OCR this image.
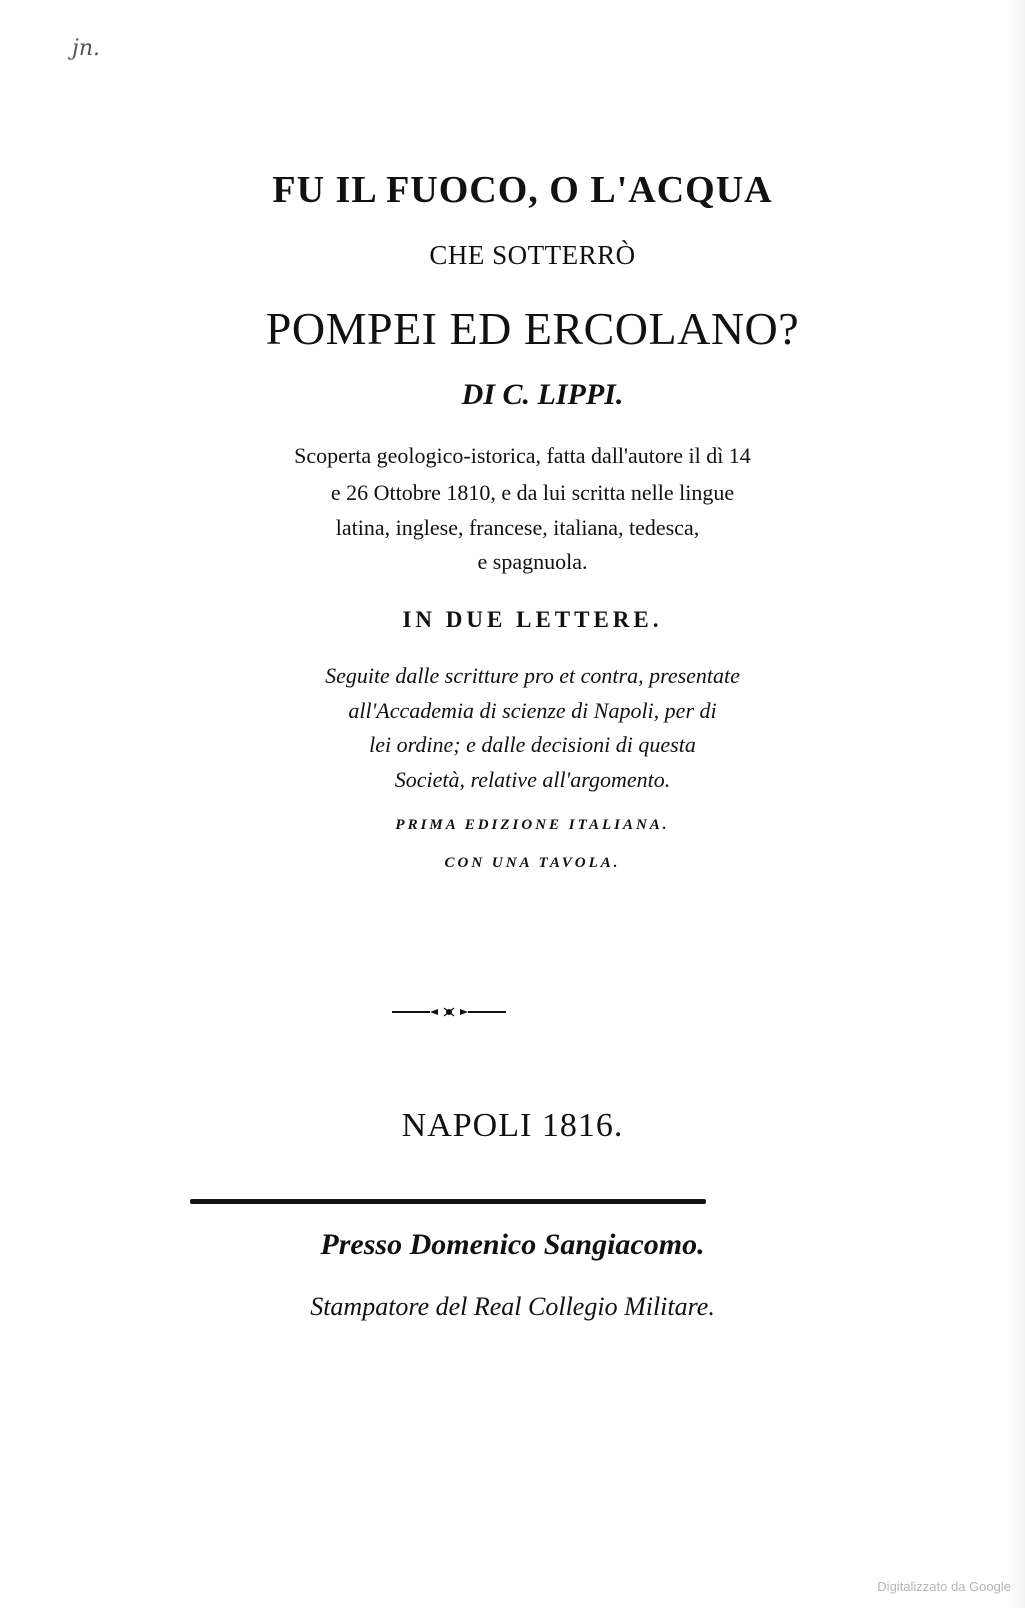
jn.
FU IL FUOCO, O L'ACQUA
CHE SOTTERRÒ
POMPEI ED ERCOLANO?
DI C. LIPPI.
Scoperta geologico-istorica, fatta dall'autore il dì 14
e 26 Ottobre 1810, e da lui scritta nelle lingue
latina, inglese, francese, italiana, tedesca,
e spagnuola.
IN DUE LETTERE.
Seguite dalle scritture pro et contra, presentate
all'Accademia di scienze di Napoli, per di
lei ordine; e dalle decisioni di questa
Società, relative all'argomento.
PRIMA EDIZIONE ITALIANA.
CON UNA TAVOLA.
NAPOLI 1816.
Presso Domenico Sangiacomo.
Stampatore del Real Collegio Militare.
Digitalizzato da Google
